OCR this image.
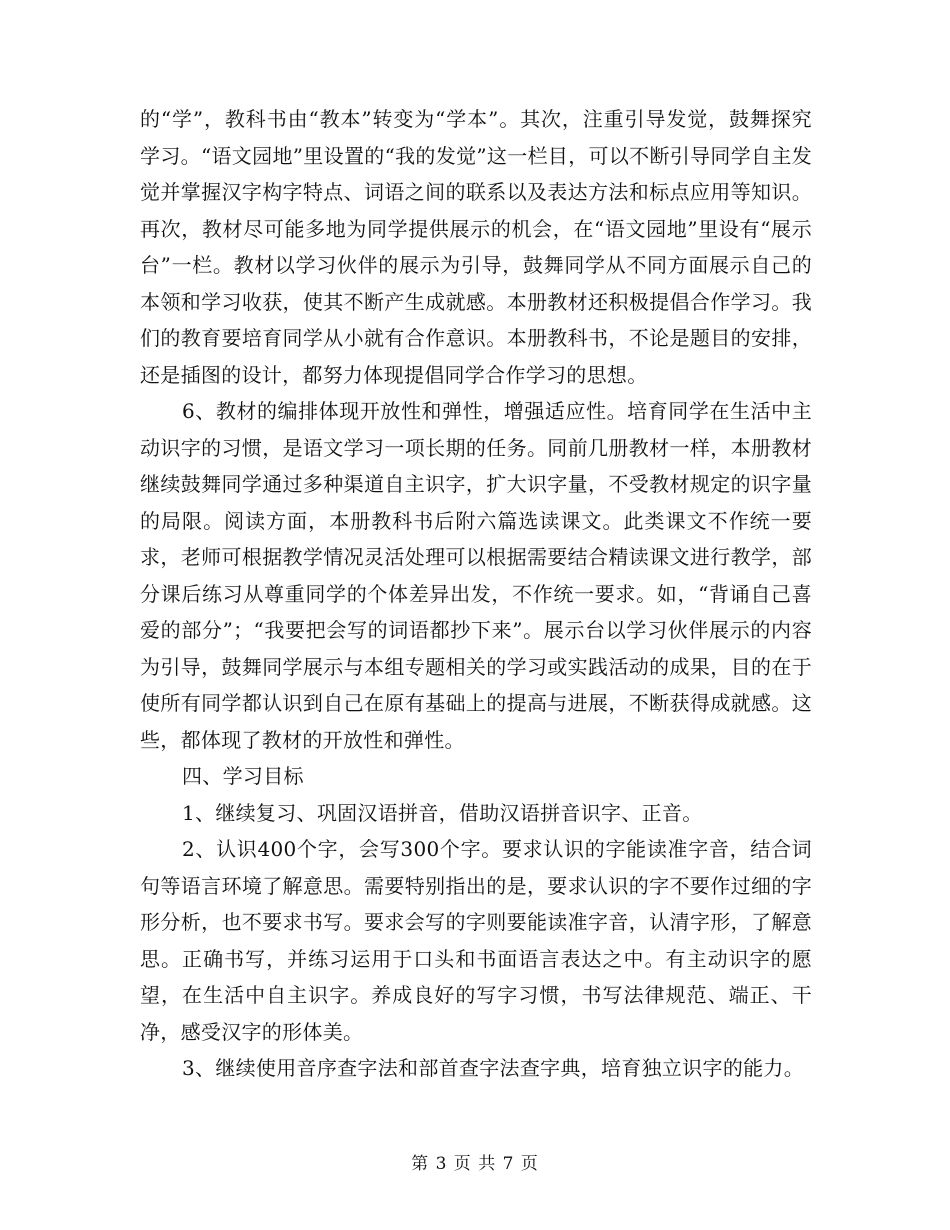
的“学”，教科书由“教本”转变为“学本”。其次，注重引导发觉，鼓舞探究学习。“语文园地”里设置的“我的发觉”这一栏目，可以不断引导同学自主发觉并掌握汉字构字特点、词语之间的联系以及表达方法和标点应用等知识。再次，教材尽可能多地为同学提供展示的机会，在“语文园地”里设有“展示台”一栏。教材以学习伙伴的展示为引导，鼓舞同学从不同方面展示自己的本领和学习收获，使其不断产生成就感。本册教材还积极提倡合作学习。我们的教育要培育同学从小就有合作意识。本册教科书，不论是题目的安排，还是插图的设计，都努力体现提倡同学合作学习的思想。

6、教材的编排体现开放性和弹性，增强适应性。培育同学在生活中主动识字的习惯，是语文学习一项长期的任务。同前几册教材一样，本册教材继续鼓舞同学通过多种渠道自主识字，扩大识字量，不受教材规定的识字量的局限。阅读方面，本册教科书后附六篇选读课文。此类课文不作统一要求，老师可根据教学情况灵活处理可以根据需要结合精读课文进行教学，部分课后练习从尊重同学的个体差异出发，不作统一要求。如，“背诵自己喜爱的部分”；“我要把会写的词语都抄下来”。展示台以学习伙伴展示的内容为引导，鼓舞同学展示与本组专题相关的学习或实践活动的成果，目的在于使所有同学都认识到自己在原有基础上的提高与进展，不断获得成就感。这些，都体现了教材的开放性和弹性。

四、学习目标

1、继续复习、巩固汉语拼音，借助汉语拼音识字、正音。

2、认识400个字，会写300个字。要求认识的字能读准字音，结合词句等语言环境了解意思。需要特别指出的是，要求认识的字不要作过细的字形分析，也不要求书写。要求会写的字则要能读准字音，认清字形，了解意思。正确书写，并练习运用于口头和书面语言表达之中。有主动识字的愿望，在生活中自主识字。养成良好的写字习惯，书写法律规范、端正、干净，感受汉字的形体美。

3、继续使用音序查字法和部首查字法查字典，培育独立识字的能力。

第 3 页 共 7 页
